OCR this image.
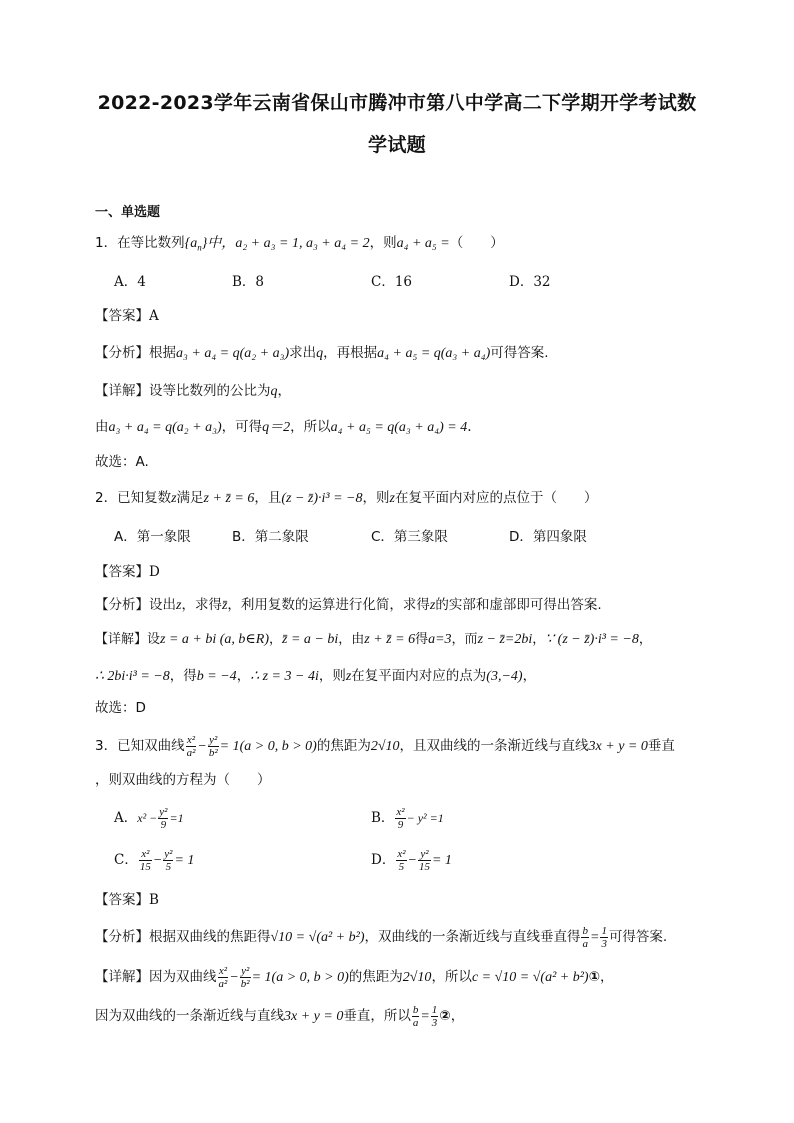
2022-2023学年云南省保山市腾冲市第八中学高二下学期开学考试数
学试题
一、单选题
1．在等比数列$\{a_n\}$中，a₂ + a₃ = 1, a₃ + a₄ = 2，则a₄ + a₅ =（　　）
A．4	B．8	C．16	D．32
【答案】A
【分析】根据a₃ + a₄ = q(a₂ + a₃)求出q，再根据a₄ + a₅ = q(a₃ + a₄)可得答案.
【详解】设等比数列的公比为q，
由a₃ + a₄ = q(a₂ + a₃)，可得q＝2，所以a₄ + a₅ = q(a₃ + a₄) = 4.
故选：A.
2．已知复数z满足z + z̄ = 6，且(z − z̄)·i³ = −8，则z在复平面内对应的点位于（　　）
A．第一象限	B．第二象限	C．第三象限	D．第四象限
【答案】D
【分析】设出z，求得z̄，利用复数的运算进行化简，求得z的实部和虚部即可得出答案.
【详解】设z = a + bi (a, b∈R)，z̄ = a − bi，由z + z̄ = 6得a=3，而z − z̄=2bi，∵ (z − z̄)·i³ = −8，
∴ 2bi·i³ = −8，得b = −4，∴ z = 3 − 4i，则z在复平面内对应的点为(3,−4)，
故选：D
3．已知双曲线 $\frac{\text{x²}}{\text{a²}} - \frac{\text{y²}}{\text{b²}} = 1(a > 0$, b > 0)的焦距为2√10，且双曲线的一条渐近线与直线3x + y = 0垂直
，则双曲线的方程为（　　）
A．$x^2 - \frac{\text{y²}}{9} =1$	B． $\frac{\text{x²}}{9} - y^2 =1$
C． $\frac{\text{x²}}{15} - \frac{\text{y²}}{5} = 1$	D． $\frac{\text{x²}}{5} - \frac{\text{y²}}{15} = 1$
【答案】B
【分析】根据双曲线的焦距得√10 = √(a² + b²)，双曲线的一条渐近线与直线垂直得 $\frac{b}{a} = \frac{1}{3}$ 可得答案.
【详解】因为双曲线 $\frac{\text{x²}}{\text{a²}} - \frac{\text{y²}}{\text{b²}} = 1(a > 0$, b > 0)的焦距为2√10，所以c = √10 = √(a² + b²)①，
因为双曲线的一条渐近线与直线3x + y = 0垂直，所以 $\frac{b}{a} = \frac{1}{3}$ ②，
